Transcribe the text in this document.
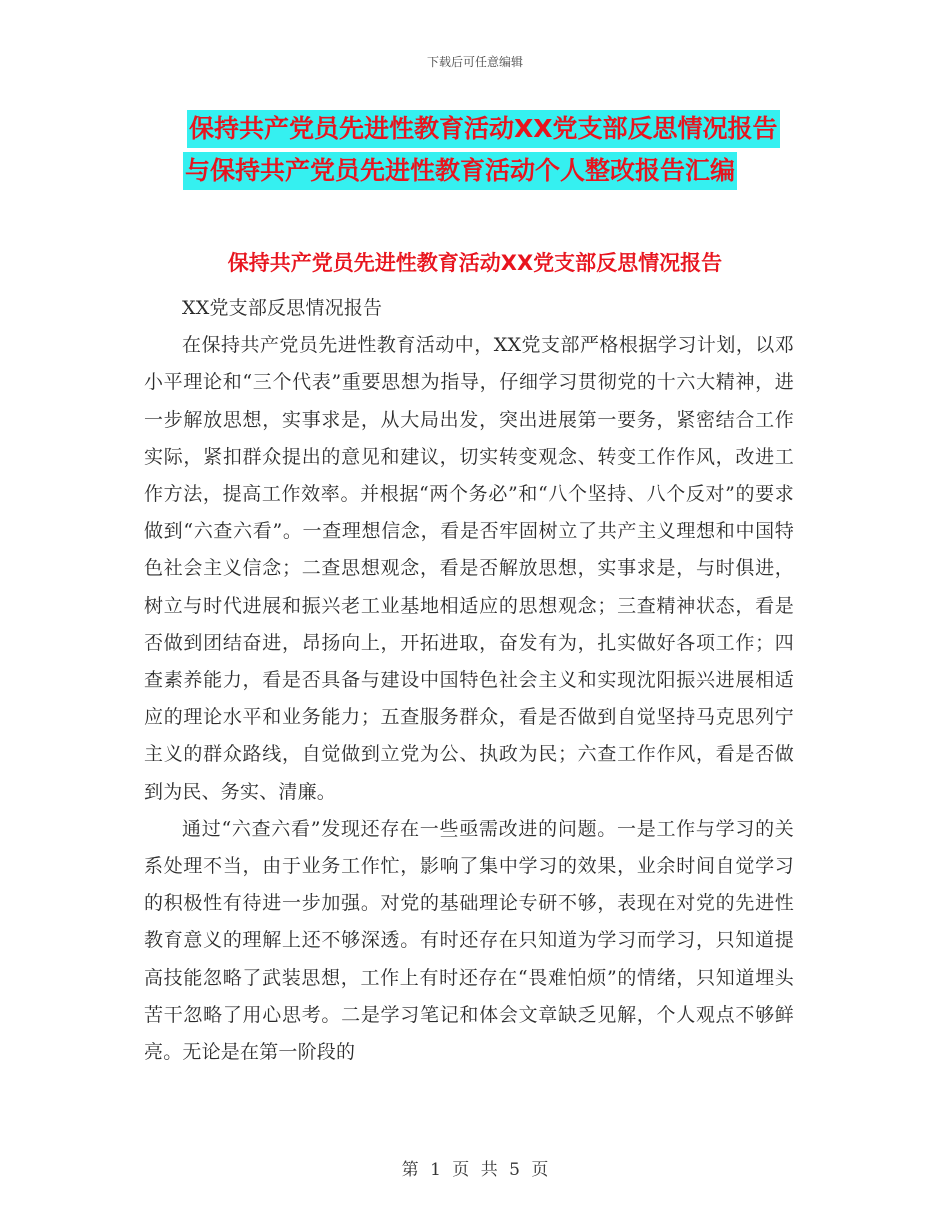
下载后可任意编辑
保持共产党员先进性教育活动XX党支部反思情况报告
与保持共产党员先进性教育活动个人整改报告汇编
保持共产党员先进性教育活动XX党支部反思情况报告

XX党支部反思情况报告

在保持共产党员先进性教育活动中，XX党支部严格根据学习计划，以邓小平理论和“三个代表”重要思想为指导，仔细学习贯彻党的十六大精神，进一步解放思想，实事求是，从大局出发，突出进展第一要务，紧密结合工作实际，紧扣群众提出的意见和建议，切实转变观念、转变工作作风，改进工作方法，提高工作效率。并根据“两个务必”和“八个坚持、八个反对”的要求做到“六查六看”。一查理想信念，看是否牢固树立了共产主义理想和中国特色社会主义信念；二查思想观念，看是否解放思想，实事求是，与时俱进，树立与时代进展和振兴老工业基地相适应的思想观念；三查精神状态，看是否做到团结奋进，昂扬向上，开拓进取，奋发有为，扎实做好各项工作；四查素养能力，看是否具备与建设中国特色社会主义和实现沈阳振兴进展相适应的理论水平和业务能力；五查服务群众，看是否做到自觉坚持马克思列宁主义的群众路线，自觉做到立党为公、执政为民；六查工作作风，看是否做到为民、务实、清廉。

通过“六查六看”发现还存在一些亟需改进的问题。一是工作与学习的关系处理不当，由于业务工作忙，影响了集中学习的效果，业余时间自觉学习的积极性有待进一步加强。对党的基础理论专研不够，表现在对党的先进性教育意义的理解上还不够深透。有时还存在只知道为学习而学习，只知道提高技能忽略了武装思想，工作上有时还存在“畏难怕烦”的情绪，只知道埋头苦干忽略了用心思考。二是学习笔记和体会文章缺乏见解，个人观点不够鲜亮。无论是在第一阶段的

第 1 页 共 5 页
